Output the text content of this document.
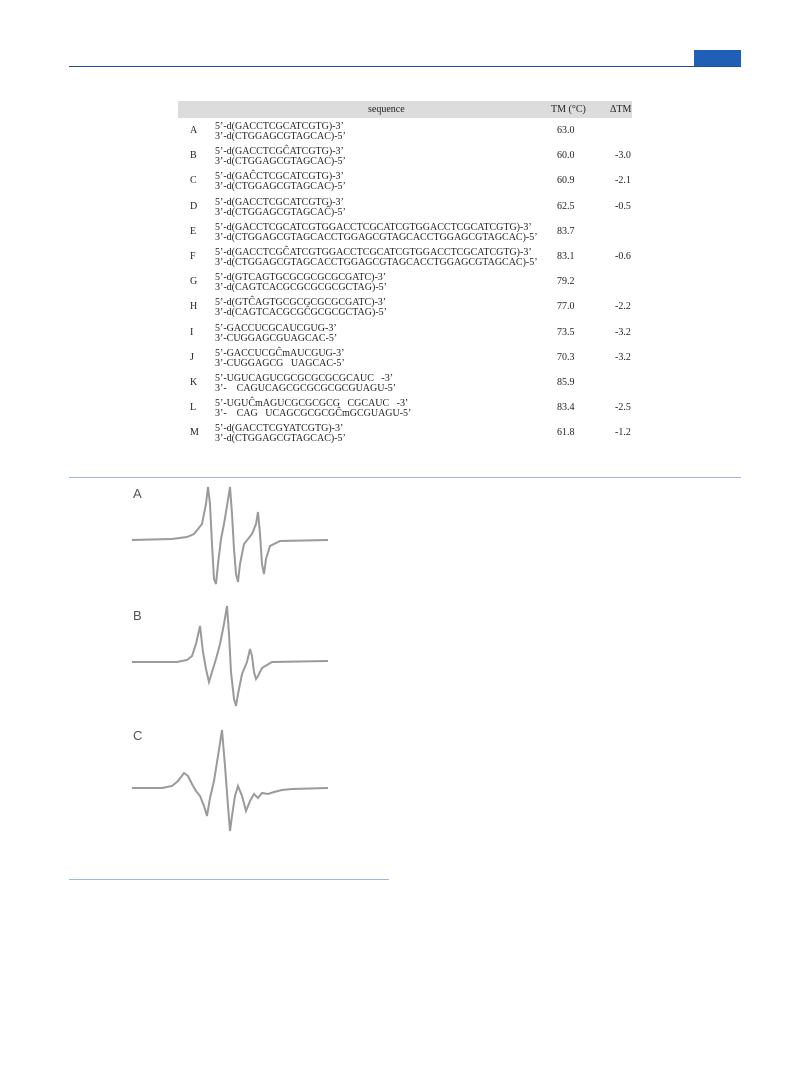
sequence	TM (°C) ΔTM
A 5’-d(GACCTCGCATCGTG)-3’
3’-d(CTGGAGCGTAGCAC)-5’
63.0
B 5’-d(GACCTCGĈATCGTG)-3’
3’-d(CTGGAGCGTAGCAC)-5’
60.0	-3.0
C 5’-d(GAĈCTCGCATCGTG)-3’
3’-d(CTGGAGCGTAGCAC)-5’
60.9	-2.1
D 5’-d(GACCTCGCATCGTG)-3’
3’-d(CTGGAGCGTAGCAĈ)-5’
62.5	-0.5
E 5’-d(GACCTCGCATCGTGGACCTCGCATCGTGGACCTCGCATCGTG)-3’
3’-d(CTGGAGCGTAGCACCTGGAGCGTAGCACCTGGAGCGTAGCAC)-5’
83.7
F 5’-d(GACCTCGĈATCGTGGACCTCGCATCGTGGACCTCGCATCGTG)-3’
3’-d(CTGGAGCGTAGCACCTGGAGCGTAGCACCTGGAGCGTAGCAC)-5’
83.1	-0.6
G 5’-d(GTCAGTGCGCGCGCGCGATC)-3’
3’-d(CAGTCACGCGCGCGCGCTAG)-5’
79.2
H 5’-d(GTĈAGTGCGCGCGCGCGATC)-3’
3’-d(CAGTCACGCGĈGCGCGCTAG)-5’
77.0	-2.2
I 5’-GACCUCGCAUCGUG-3’
3’-CUGGAGCGUAGCAC-5’
73.5	-3.2
J 5’-GACCUCGĈmAUCGUG-3’
3’-CUGGAGCG   UAGCAC-5’
70.3	-3.2
K 5’-UGUCAGUCGCGCGCGCGCAUC   -3’
3’-    CAGUCAGCGCGCGCGCGUAGU-5’
85.9
L 5’-UGUĈmAGUCGCGCGCG   CGCAUC   -3’
3’-    CAG   UCAGCGCGCGĈmGCGUAGU-5’
83.4	-2.5
M 5’-d(GACCTCGYATCGTG)-3’
3’-d(CTGGAGCGTAGCAC)-5’
61.8	-1.2
A
B
C
